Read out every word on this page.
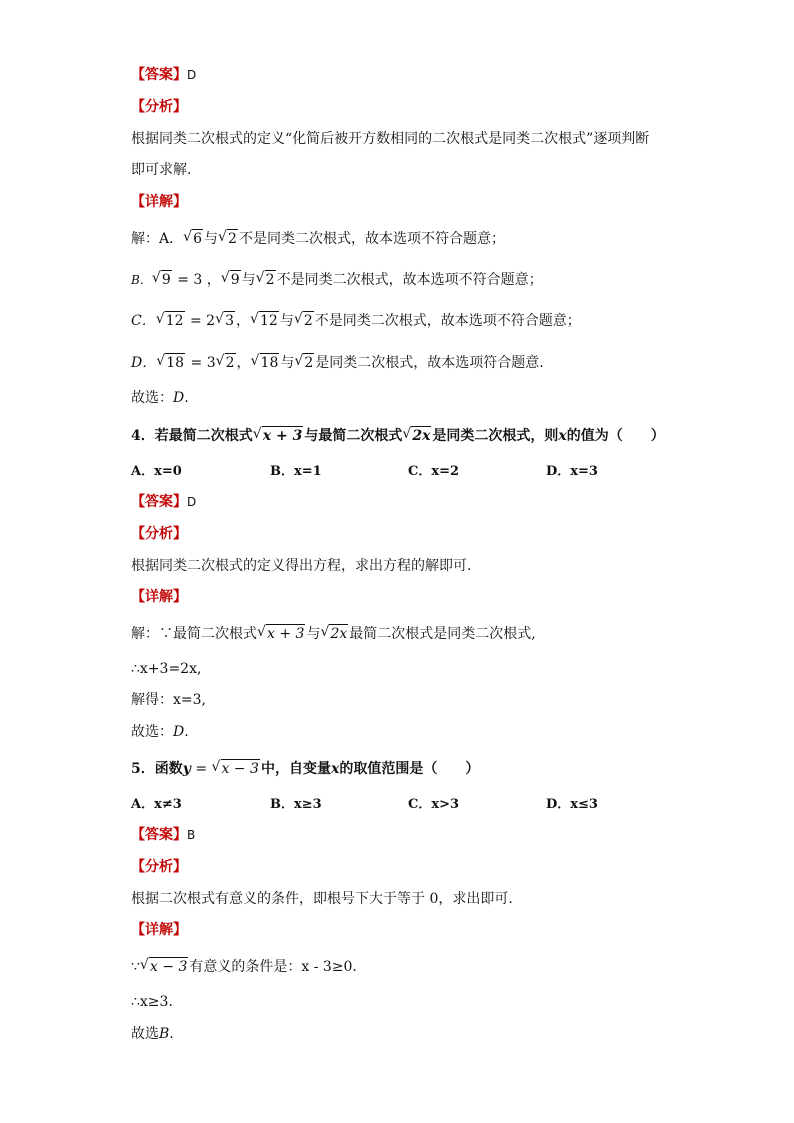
【答案】D
【分析】
根据同类二次根式的定义“化简后被开方数相同的二次根式是同类二次根式”逐项判断
即可求解.
【详解】
解：A． √ 6 与 √ 2 不是同类二次根式，故本选项不符合题意；
B． √ 9 = 3 ， √ 9 与 √ 2 不是同类二次根式，故本选项不符合题意；
C． √ 12 = 2 √ 3 ， √ 12 与 √ 2 不是同类二次根式，故本选项不符合题意；
D． √ 18 = 3 √ 2 ， √ 18 与 √ 2 是同类二次根式，故本选项符合题意.
故选：D.
4．若最简二次根式 √ x + 3 与最简二次根式 √ 2x 是同类二次根式，则x的值为（　　）
A．x=0	B．x=1	C．x=2	D．x=3
【答案】D
【分析】
根据同类二次根式的定义得出方程，求出方程的解即可.
【详解】
解：∵最简二次根式 √ x + 3 与 √ 2x 最简二次根式是同类二次根式,
∴x+3=2x,
解得：x=3,
故选：D.
5．函数y = √ x − 3 中，自变量x的取值范围是（　　）
A．x≠3	B．x≥3	C．x>3	D．x≤3
【答案】B
【分析】
根据二次根式有意义的条件，即根号下大于等于 0，求出即可.
【详解】
∵ √ x − 3 有意义的条件是：x - 3≥0.
∴x≥3.
故选B.
